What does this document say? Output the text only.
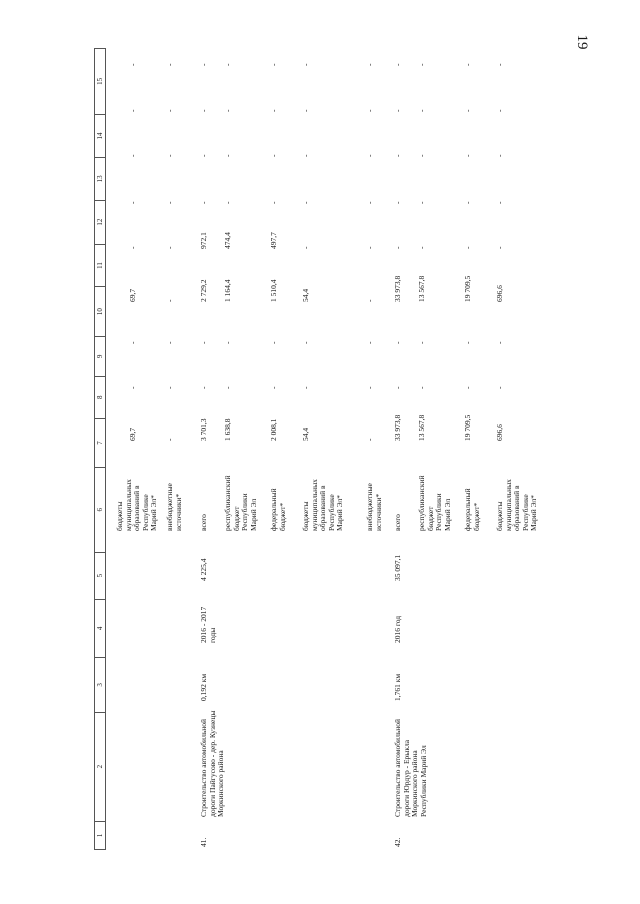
19
1
2
3
4
5
6
7
8
9
10
11
12
13
14
15
бюджеты
муниципальных
образований в
Республике
Марий Эл*
69,7
-
-
69,7
-
-
-
-
-
внебюджетные
источники*
-
-
-
-
-
-
-
-
-
41.
Строительство автомобильной
дороги Пайгусово - дер. Кузнецы
Моркинского района
0,192 км
2016 - 2017
годы
4 225,4
всего
3 701,3
-
-
2 729,2
972,1
-
-
-
-
республиканский
бюджет
Республики
Марий Эл
1 638,8
-
-
1 164,4
474,4
-
-
-
-
федеральный
бюджет*
2 008,1
-
-
1 510,4
497,7
-
-
-
-
бюджеты
муниципальных
образований в
Республике
Марий Эл*
54,4
-
-
54,4
-
-
-
-
-
внебюджетные
источники*
-
-
-
-
-
-
-
-
-
42.
Строительство автомобильной
дороги Юрдур - Ерыкла
Моркинского района
Республики Марий Эл
1,761 км
2016 год
35 097,1
всего
33 973,8
-
-
33 973,8
-
-
-
-
-
республиканский
бюджет
Республики
Марий Эл
13 567,8
-
-
13 567,8
-
-
-
-
-
федеральный
бюджет*
19 709,5
-
-
19 709,5
-
-
-
-
-
бюджеты
муниципальных
образований в
Республике
Марий Эл*
696,6
-
-
696,6
-
-
-
-
-
